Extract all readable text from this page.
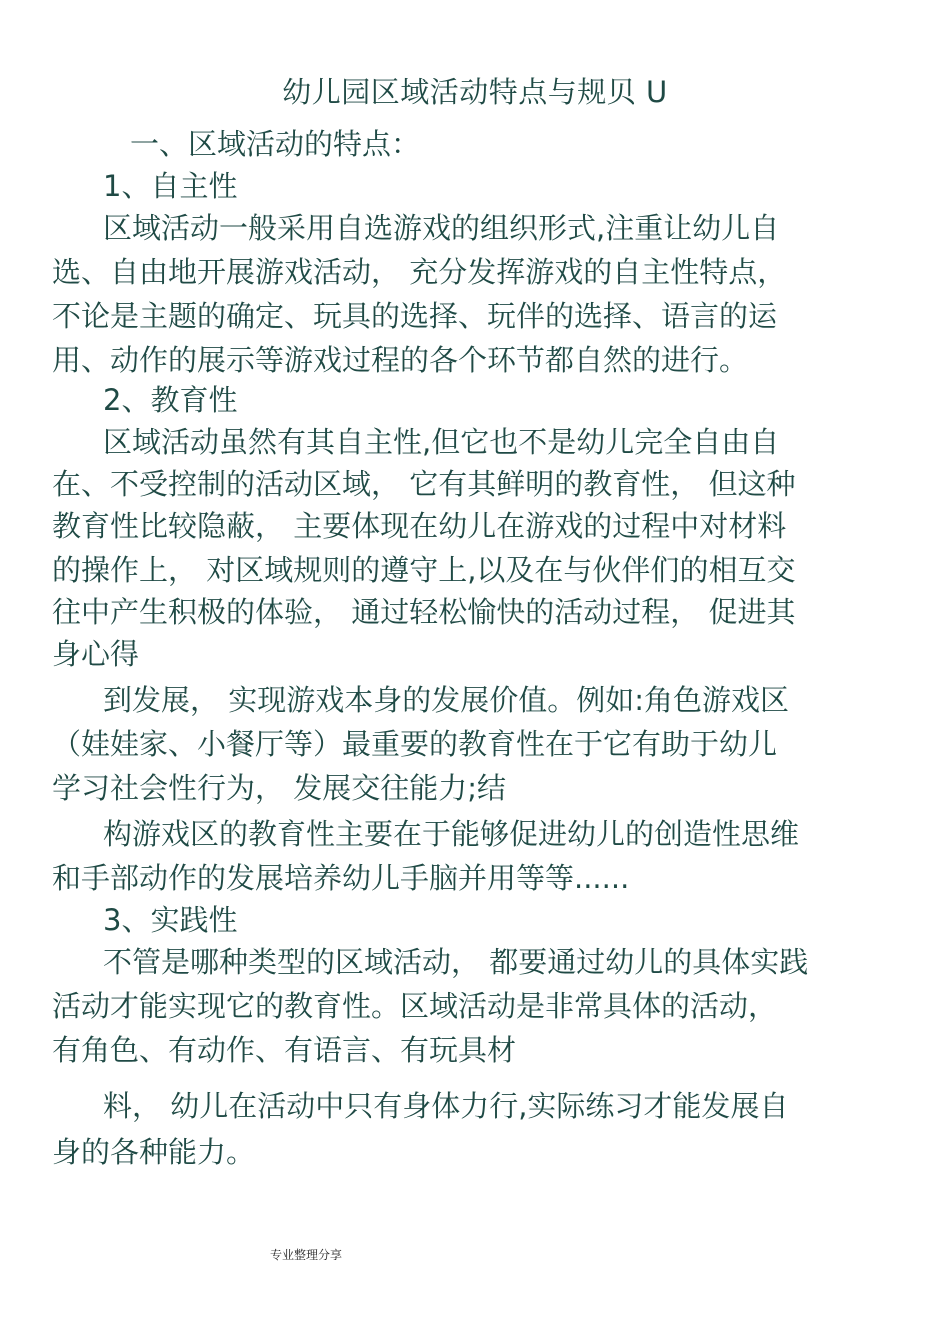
幼儿园区域活动特点与规贝 U
一、区域活动的特点：
1、自主性
区域活动一般采用自选游戏的组织形式,注重让幼儿自
选、自由地开展游戏活动， 充分发挥游戏的自主性特点，
不论是主题的确定、玩具的选择、玩伴的选择、语言的运
用、动作的展示等游戏过程的各个环节都自然的进行。
2、教育性
区域活动虽然有其自主性,但它也不是幼儿完全自由自
在、不受控制的活动区域， 它有其鲜明的教育性， 但这种
教育性比较隐蔽， 主要体现在幼儿在游戏的过程中对材料
的操作上， 对区域规则的遵守上,以及在与伙伴们的相互交
往中产生积极的体验， 通过轻松愉快的活动过程， 促进其
身心得
到发展， 实现游戏本身的发展价值。例如:角色游戏区
（娃娃家、小餐厅等）最重要的教育性在于它有助于幼儿
学习社会性行为， 发展交往能力;结
构游戏区的教育性主要在于能够促进幼儿的创造性思维
和手部动作的发展培养幼儿手脑并用等等......
3、实践性
不管是哪种类型的区域活动， 都要通过幼儿的具体实践
活动才能实现它的教育性。区域活动是非常具体的活动，
有角色、有动作、有语言、有玩具材
料， 幼儿在活动中只有身体力行,实际练习才能发展自
身的各种能力。
专业整理分享
